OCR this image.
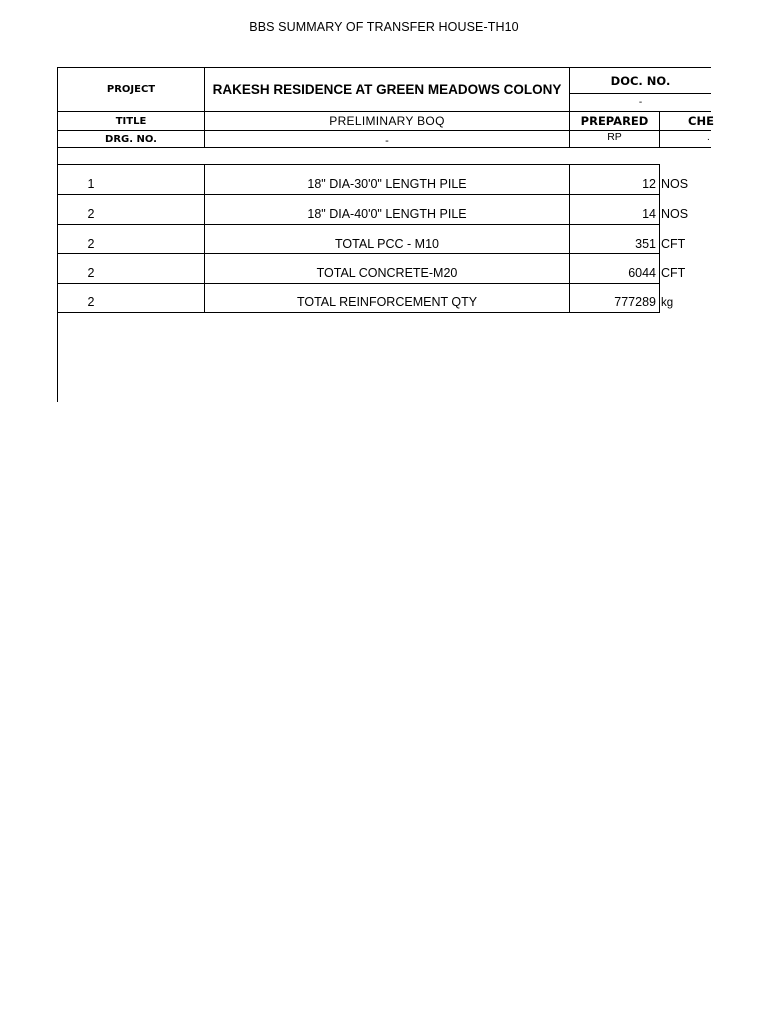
BBS SUMMARY OF TRANSFER HOUSE-TH10
PROJECT	RAKESH RESIDENCE AT GREEN MEADOWS COLONY
DOC. NO.
-
TITLE	PRELIMINARY BOQ	PREPARED	CHE
DRG. NO.	-	RP	.
1	18" DIA-30'0" LENGTH PILE	12 NOS
2	18" DIA-40'0" LENGTH PILE	14 NOS
2	TOTAL PCC - M10	351 CFT
2	TOTAL CONCRETE-M20	6044 CFT
2	TOTAL REINFORCEMENT QTY	777289 kg
